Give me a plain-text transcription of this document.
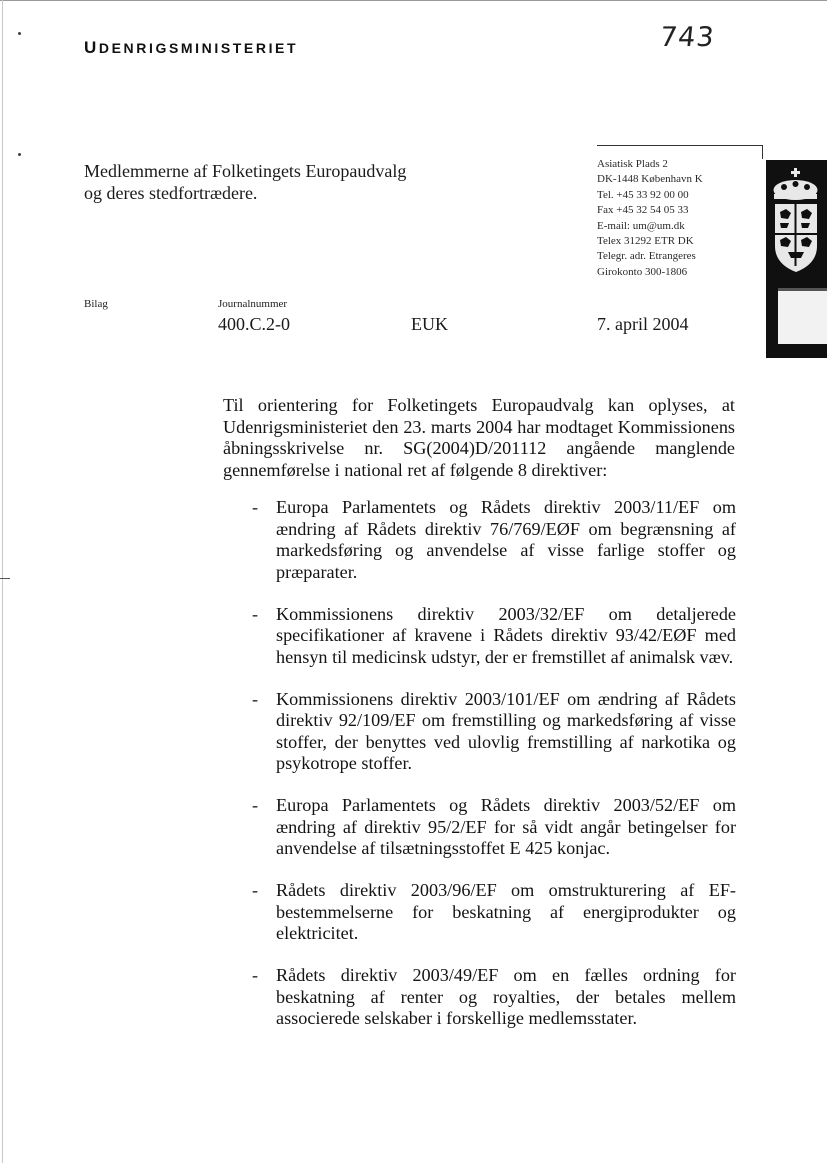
UDENRIGSMINISTERIET	743
Medlemmerne af Folketingets Europaudvalg
og deres stedfortrædere.
Asiatisk Plads 2
DK-1448 København K
Tel. +45 33 92 00 00
Fax +45 32 54 05 33
E-mail: um@um.dk
Telex 31292 ETR DK
Telegr. adr. Etrangeres
Girokonto 300-1806
Bilag	Journalnummer
400.C.2-0	EUK	7. april 2004
Til orientering for Folketingets Europaudvalg kan oplyses, at Udenrigsministeriet den 23. marts 2004 har modtaget Kommissionens åbningsskrivelse nr. SG(2004)D/201112 angående manglende gennemførelse i national ret af følgende 8 direktiver:
- Europa Parlamentets og Rådets direktiv 2003/11/EF om ændring af Rådets direktiv 76/769/EØF om begrænsning af markedsføring og anvendelse af visse farlige stoffer og præparater.
- Kommissionens direktiv 2003/32/EF om detaljerede specifikationer af kravene i Rådets direktiv 93/42/EØF med hensyn til medicinsk udstyr, der er fremstillet af animalsk væv.
- Kommissionens direktiv 2003/101/EF om ændring af Rådets direktiv 92/109/EF om fremstilling og markedsføring af visse stoffer, der benyttes ved ulovlig fremstilling af narkotika og psykotrope stoffer.
- Europa Parlamentets og Rådets direktiv 2003/52/EF om ændring af direktiv 95/2/EF for så vidt angår betingelser for anvendelse af tilsætningsstoffet E 425 konjac.
- Rådets direktiv 2003/96/EF om omstrukturering af EF-bestemmelserne for beskatning af energiprodukter og elektricitet.
- Rådets direktiv 2003/49/EF om en fælles ordning for beskatning af renter og royalties, der betales mellem associerede selskaber i forskellige medlemsstater.
